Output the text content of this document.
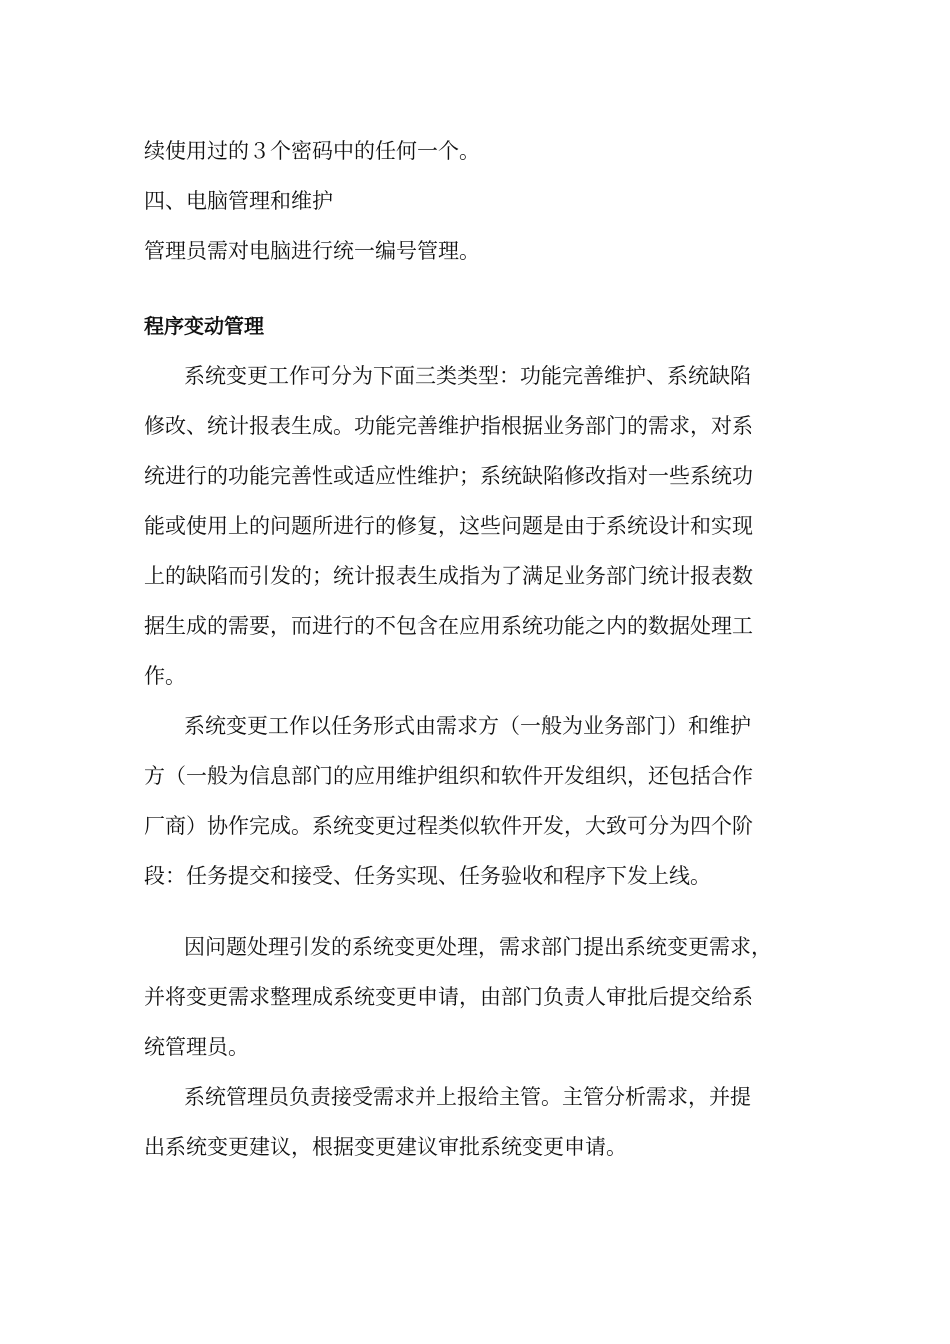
续使用过的３个密码中的任何一个。
四、电脑管理和维护
管理员需对电脑进行统一编号管理。
程序变动管理
系统变更工作可分为下面三类类型：功能完善维护、系统缺陷
修改、统计报表生成。功能完善维护指根据业务部门的需求，对系
统进行的功能完善性或适应性维护；系统缺陷修改指对一些系统功
能或使用上的问题所进行的修复，这些问题是由于系统设计和实现
上的缺陷而引发的；统计报表生成指为了满足业务部门统计报表数
据生成的需要，而进行的不包含在应用系统功能之内的数据处理工
作。
系统变更工作以任务形式由需求方（一般为业务部门）和维护
方（一般为信息部门的应用维护组织和软件开发组织，还包括合作
厂商）协作完成。系统变更过程类似软件开发，大致可分为四个阶
段：任务提交和接受、任务实现、任务验收和程序下发上线。
因问题处理引发的系统变更处理，需求部门提出系统变更需求，
并将变更需求整理成系统变更申请，由部门负责人审批后提交给系
统管理员。
系统管理员负责接受需求并上报给主管。主管分析需求，并提
出系统变更建议，根据变更建议审批系统变更申请。
